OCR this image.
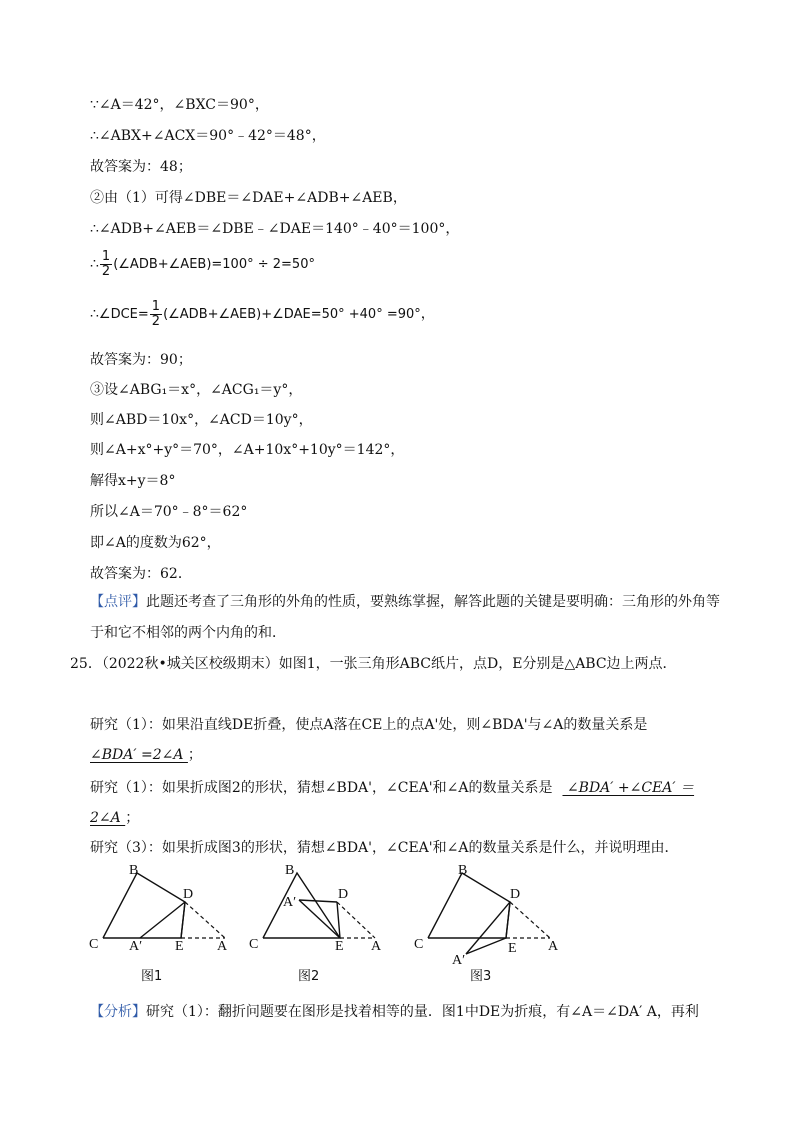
∵∠A＝42°，∠BXC＝90°，
∴∠ABX+∠ACX＝90°﹣42°＝48°，
故答案为：48；
②由（1）可得∠DBE＝∠DAE+∠ADB+∠AEB，
∴∠ADB+∠AEB＝∠DBE﹣∠DAE＝140°﹣40°＝100°，
∴ $\frac{1}{2}$ (∠ADB+∠AEB)=100° ÷ 2=50°
∴∠DCE= $\frac{1}{2}$ (∠ADB+∠AEB)+∠DAE=50° +40° =90°，
故答案为：90；
③设∠ABG₁＝x°，∠ACG₁＝y°，
则∠ABD＝10x°，∠ACD＝10y°，
则∠A+x°+y°＝70°，∠A+10x°+10y°＝142°，
解得x+y＝8°
所以∠A＝70°﹣8°＝62°
即∠A的度数为62°，
故答案为：62．
【点评】此题还考查了三角形的外角的性质，要熟练掌握，解答此题的关键是要明确：三角形的外角等
于和它不相邻的两个内角的和．
25．（2022秋•城关区校级期末）如图1，一张三角形ABC纸片，点D，E分别是△ABC边上两点．
研究（1）：如果沿直线DE折叠，使点A落在CE上的点A'处，则∠BDA'与∠A的数量关系是
∠BDA′ =2∠A ；
研究（1）：如果折成图2的形状，猜想∠BDA'，∠CEA'和∠A的数量关系是 ∠BDA′ +∠CEA′ ＝
2∠A ；
研究（3）：如果折成图3的形状，猜想∠BDA'，∠CEA'和∠A的数量关系是什么，并说明理由．
B
C A′ E A
D
图1
B
C
A′
E A
D
图2
B
C
A′
E A
D
图3
【分析】研究（1）：翻折问题要在图形是找着相等的量．图1中DE为折痕，有∠A＝∠DA′ A，再利
